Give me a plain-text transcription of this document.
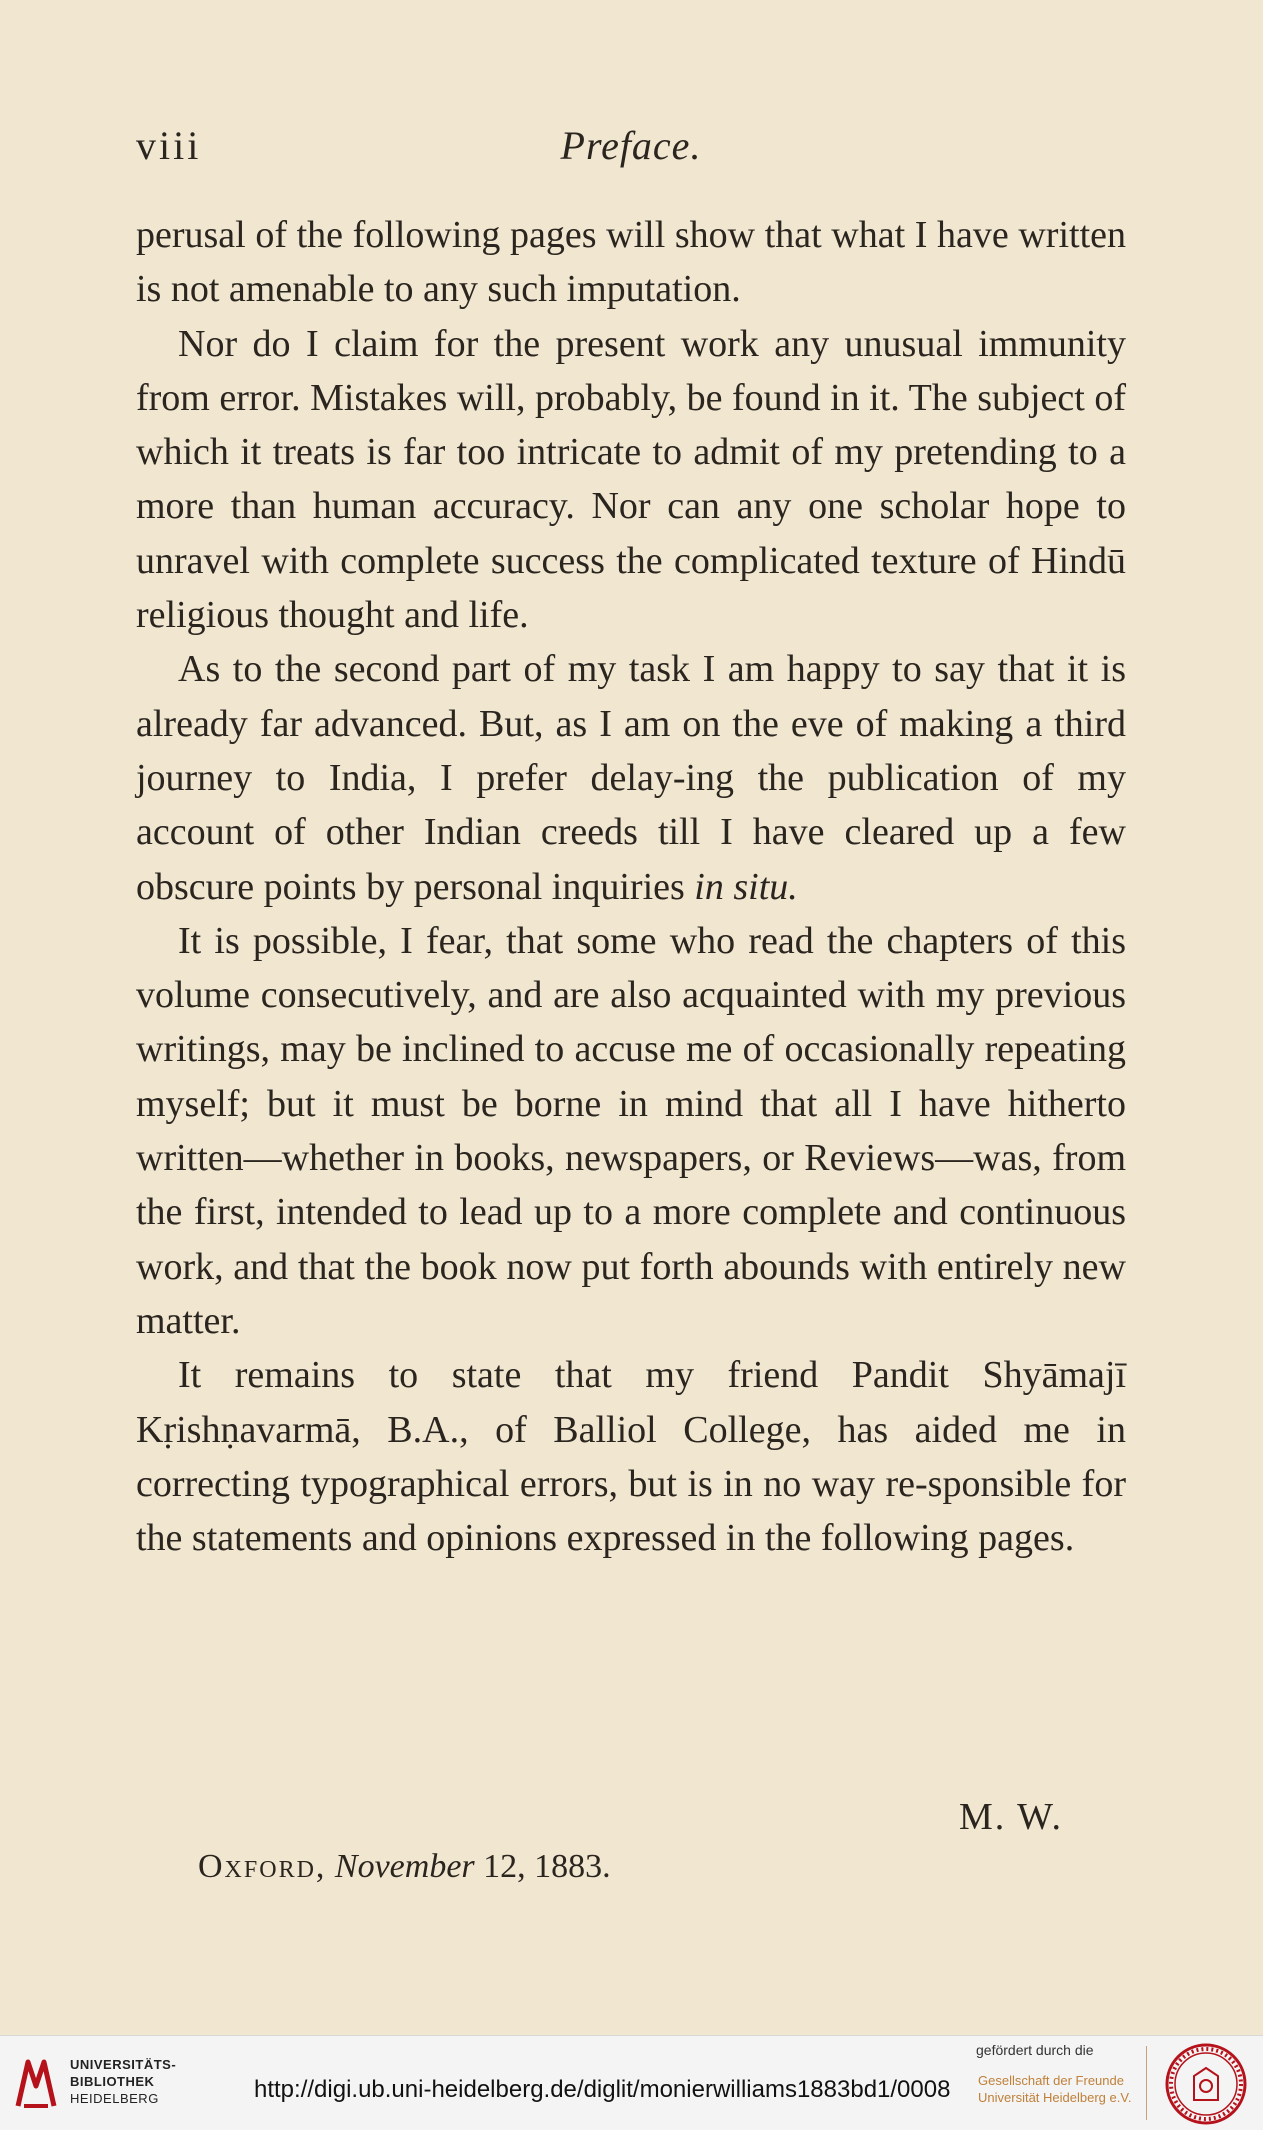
viii	Preface.

perusal of the following pages will show that what I have written is not amenable to any such imputation.

Nor do I claim for the present work any unusual immunity from error. Mistakes will, probably, be found in it. The subject of which it treats is far too intricate to admit of my pretending to a more than human accuracy. Nor can any one scholar hope to unravel with complete success the complicated texture of Hindū religious thought and life.

As to the second part of my task I am happy to say that it is already far advanced. But, as I am on the eve of making a third journey to India, I prefer delay-ing the publication of my account of other Indian creeds till I have cleared up a few obscure points by personal inquiries in situ.

It is possible, I fear, that some who read the chapters of this volume consecutively, and are also acquainted with my previous writings, may be inclined to accuse me of occasionally repeating myself; but it must be borne in mind that all I have hitherto written—whether in books, newspapers, or Reviews—was, from the first, intended to lead up to a more complete and continuous work, and that the book now put forth abounds with entirely new matter.

It remains to state that my friend Pandit Shyāmajī Kṛishṇavarmā, B.A., of Balliol College, has aided me in correcting typographical errors, but is in no way re-sponsible for the statements and opinions expressed in the following pages.

M. W.
Oxford, November 12, 1883.
UNIVERSITÄTS-
BIBLIOTHEK
HEIDELBERG	http://digi.ub.uni-heidelberg.de/diglit/monierwilliams1883bd1/0008
gefördert durch die
Gesellschaft der Freunde
Universität Heidelberg e.V.
